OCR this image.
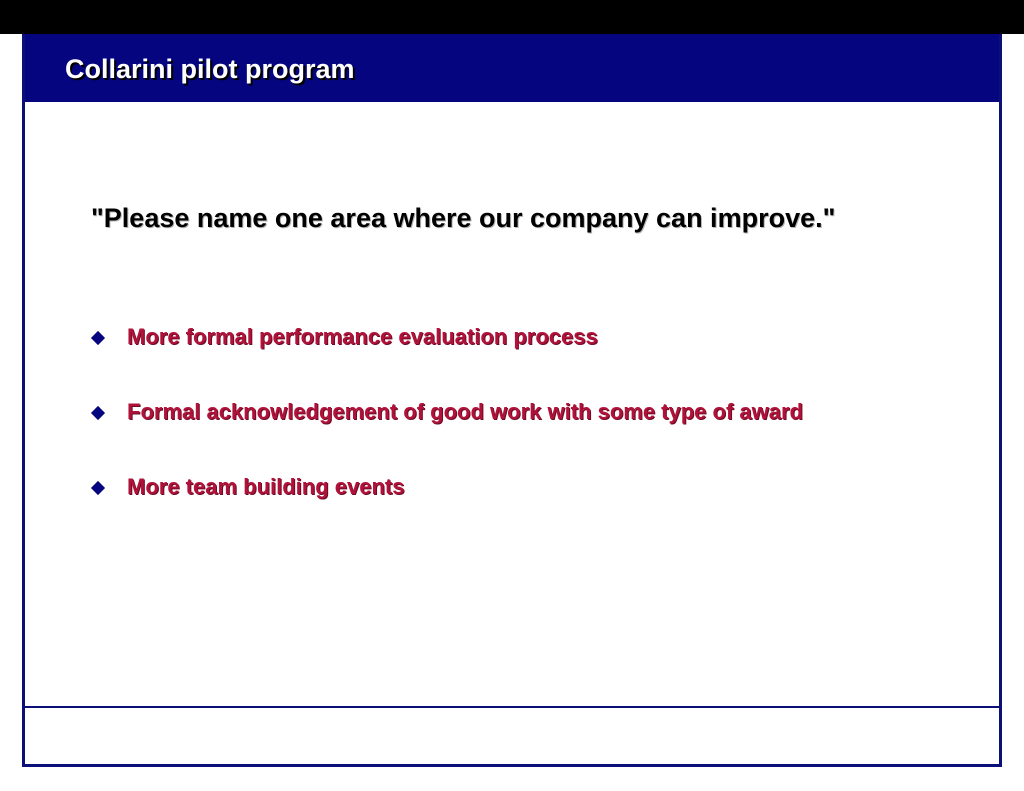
Collarini pilot program

"Please name one area where our company can improve."

More formal performance evaluation process
Formal acknowledgement of good work with some type of award
More team building events
